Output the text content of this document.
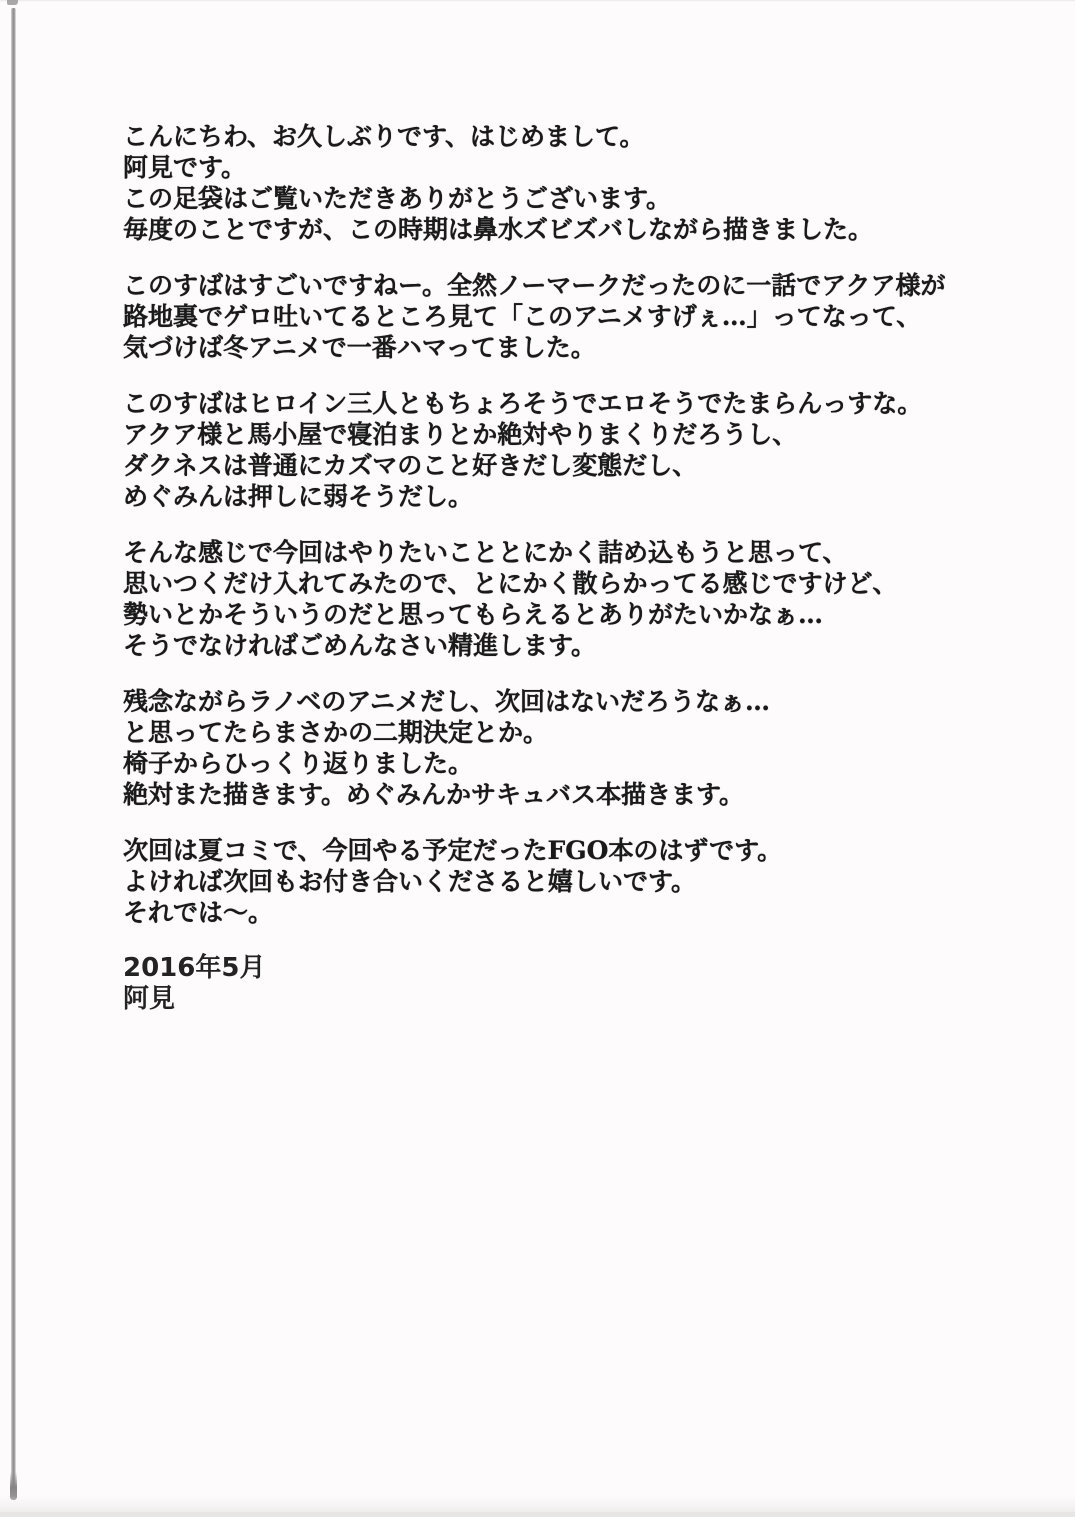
こんにちわ、お久しぶりです、はじめまして。
阿見です。
この足袋はご覧いただきありがとうございます。
毎度のことですが、この時期は鼻水ズビズバしながら描きました。
このすばはすごいですねー。全然ノーマークだったのに一話でアクア様が
路地裏でゲロ吐いてるところ見て「このアニメすげぇ…」ってなって、
気づけば冬アニメで一番ハマってました。
このすばはヒロイン三人ともちょろそうでエロそうでたまらんっすな。
アクア様と馬小屋で寝泊まりとか絶対やりまくりだろうし、
ダクネスは普通にカズマのこと好きだし変態だし、
めぐみんは押しに弱そうだし。
そんな感じで今回はやりたいこととにかく詰め込もうと思って、
思いつくだけ入れてみたので、とにかく散らかってる感じですけど、
勢いとかそういうのだと思ってもらえるとありがたいかなぁ…
そうでなければごめんなさい精進します。
残念ながらラノベのアニメだし、次回はないだろうなぁ…
と思ってたらまさかの二期決定とか。
椅子からひっくり返りました。
絶対また描きます。めぐみんかサキュバス本描きます。
次回は夏コミで、今回やる予定だったFGO本のはずです。
よければ次回もお付き合いくださると嬉しいです。
それでは〜。
2016年5月
阿見
